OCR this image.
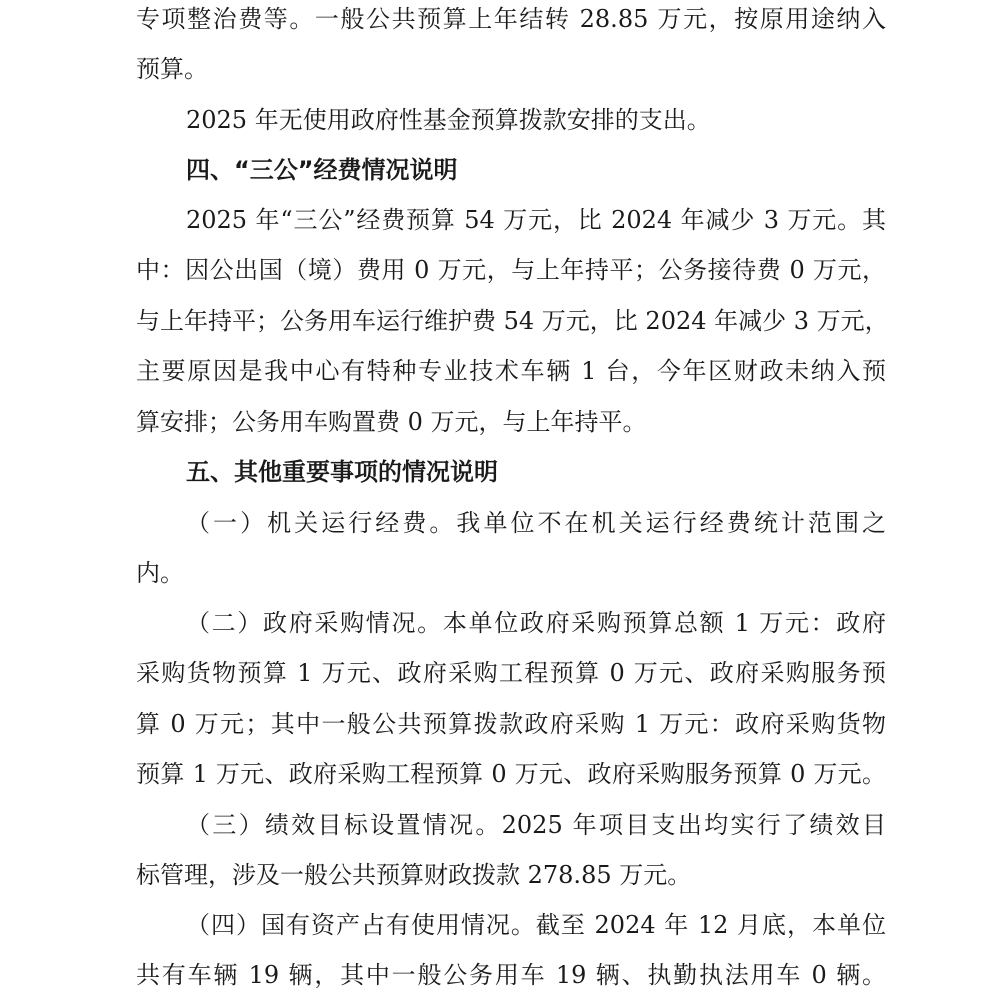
专项整治费等。一般公共预算上年结转 28.85 万元，按原用途纳入
预算。
2025 年无使用政府性基金预算拨款安排的支出。
四、“三公”经费情况说明
2025 年“三公”经费预算 54 万元，比 2024 年减少 3 万元。其
中：因公出国（境）费用 0 万元，与上年持平；公务接待费 0 万元，
与上年持平；公务用车运行维护费 54 万元，比 2024 年减少 3 万元，
主要原因是我中心有特种专业技术车辆 1 台，今年区财政未纳入预
算安排；公务用车购置费 0 万元，与上年持平。
五、其他重要事项的情况说明
（一）机关运行经费。我单位不在机关运行经费统计范围之
内。
（二）政府采购情况。本单位政府采购预算总额 1 万元：政府
采购货物预算 1 万元、政府采购工程预算 0 万元、政府采购服务预
算 0 万元；其中一般公共预算拨款政府采购 1 万元：政府采购货物
预算 1 万元、政府采购工程预算 0 万元、政府采购服务预算 0 万元。
（三）绩效目标设置情况。2025 年项目支出均实行了绩效目
标管理，涉及一般公共预算财政拨款 278.85 万元。
（四）国有资产占有使用情况。截至 2024 年 12 月底，本单位
共有车辆 19 辆，其中一般公务用车 19 辆、执勤执法用车 0 辆。
